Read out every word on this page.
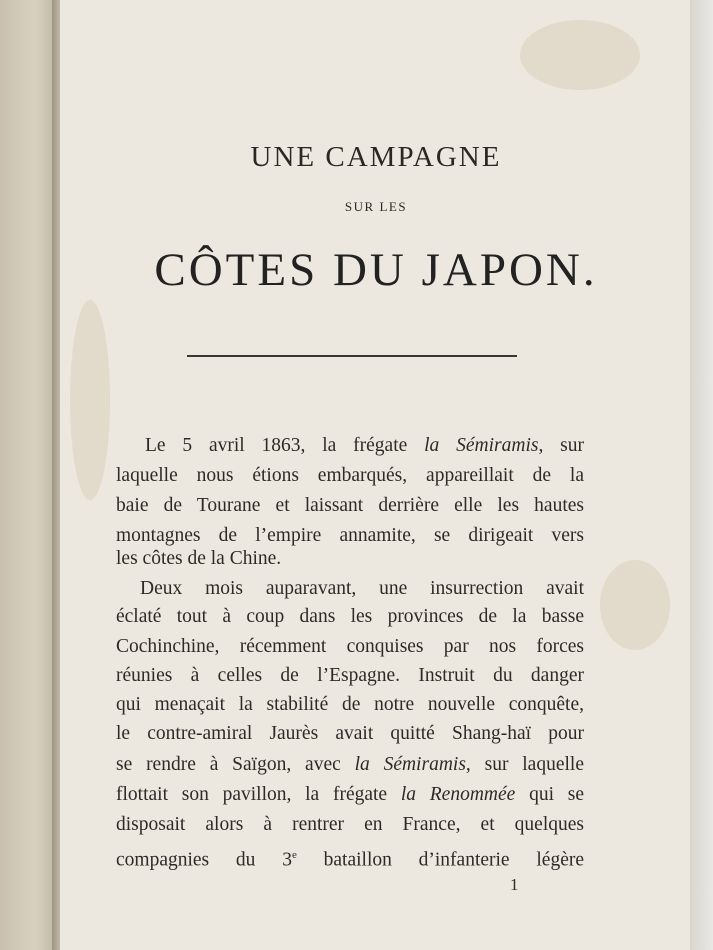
UNE CAMPAGNE
SUR LES
CÔTES DU JAPON.
Le 5 avril 1863, la frégate la Sémiramis, sur
laquelle nous étions embarqués, appareillait de la
baie de Tourane et laissant derrière elle les hautes
montagnes de l’empire annamite, se dirigeait vers
les côtes de la Chine.
Deux mois auparavant, une insurrection avait
éclaté tout à coup dans les provinces de la basse
Cochinchine, récemment conquises par nos forces
réunies à celles de l’Espagne. Instruit du danger
qui menaçait la stabilité de notre nouvelle conquête,
le contre-amiral Jaurès avait quitté Shang-haï pour
se rendre à Saïgon, avec la Sémiramis, sur laquelle
flottait son pavillon, la frégate la Renommée qui se
disposait alors à rentrer en France, et quelques
compagnies du 3e bataillon d’infanterie légère
1
